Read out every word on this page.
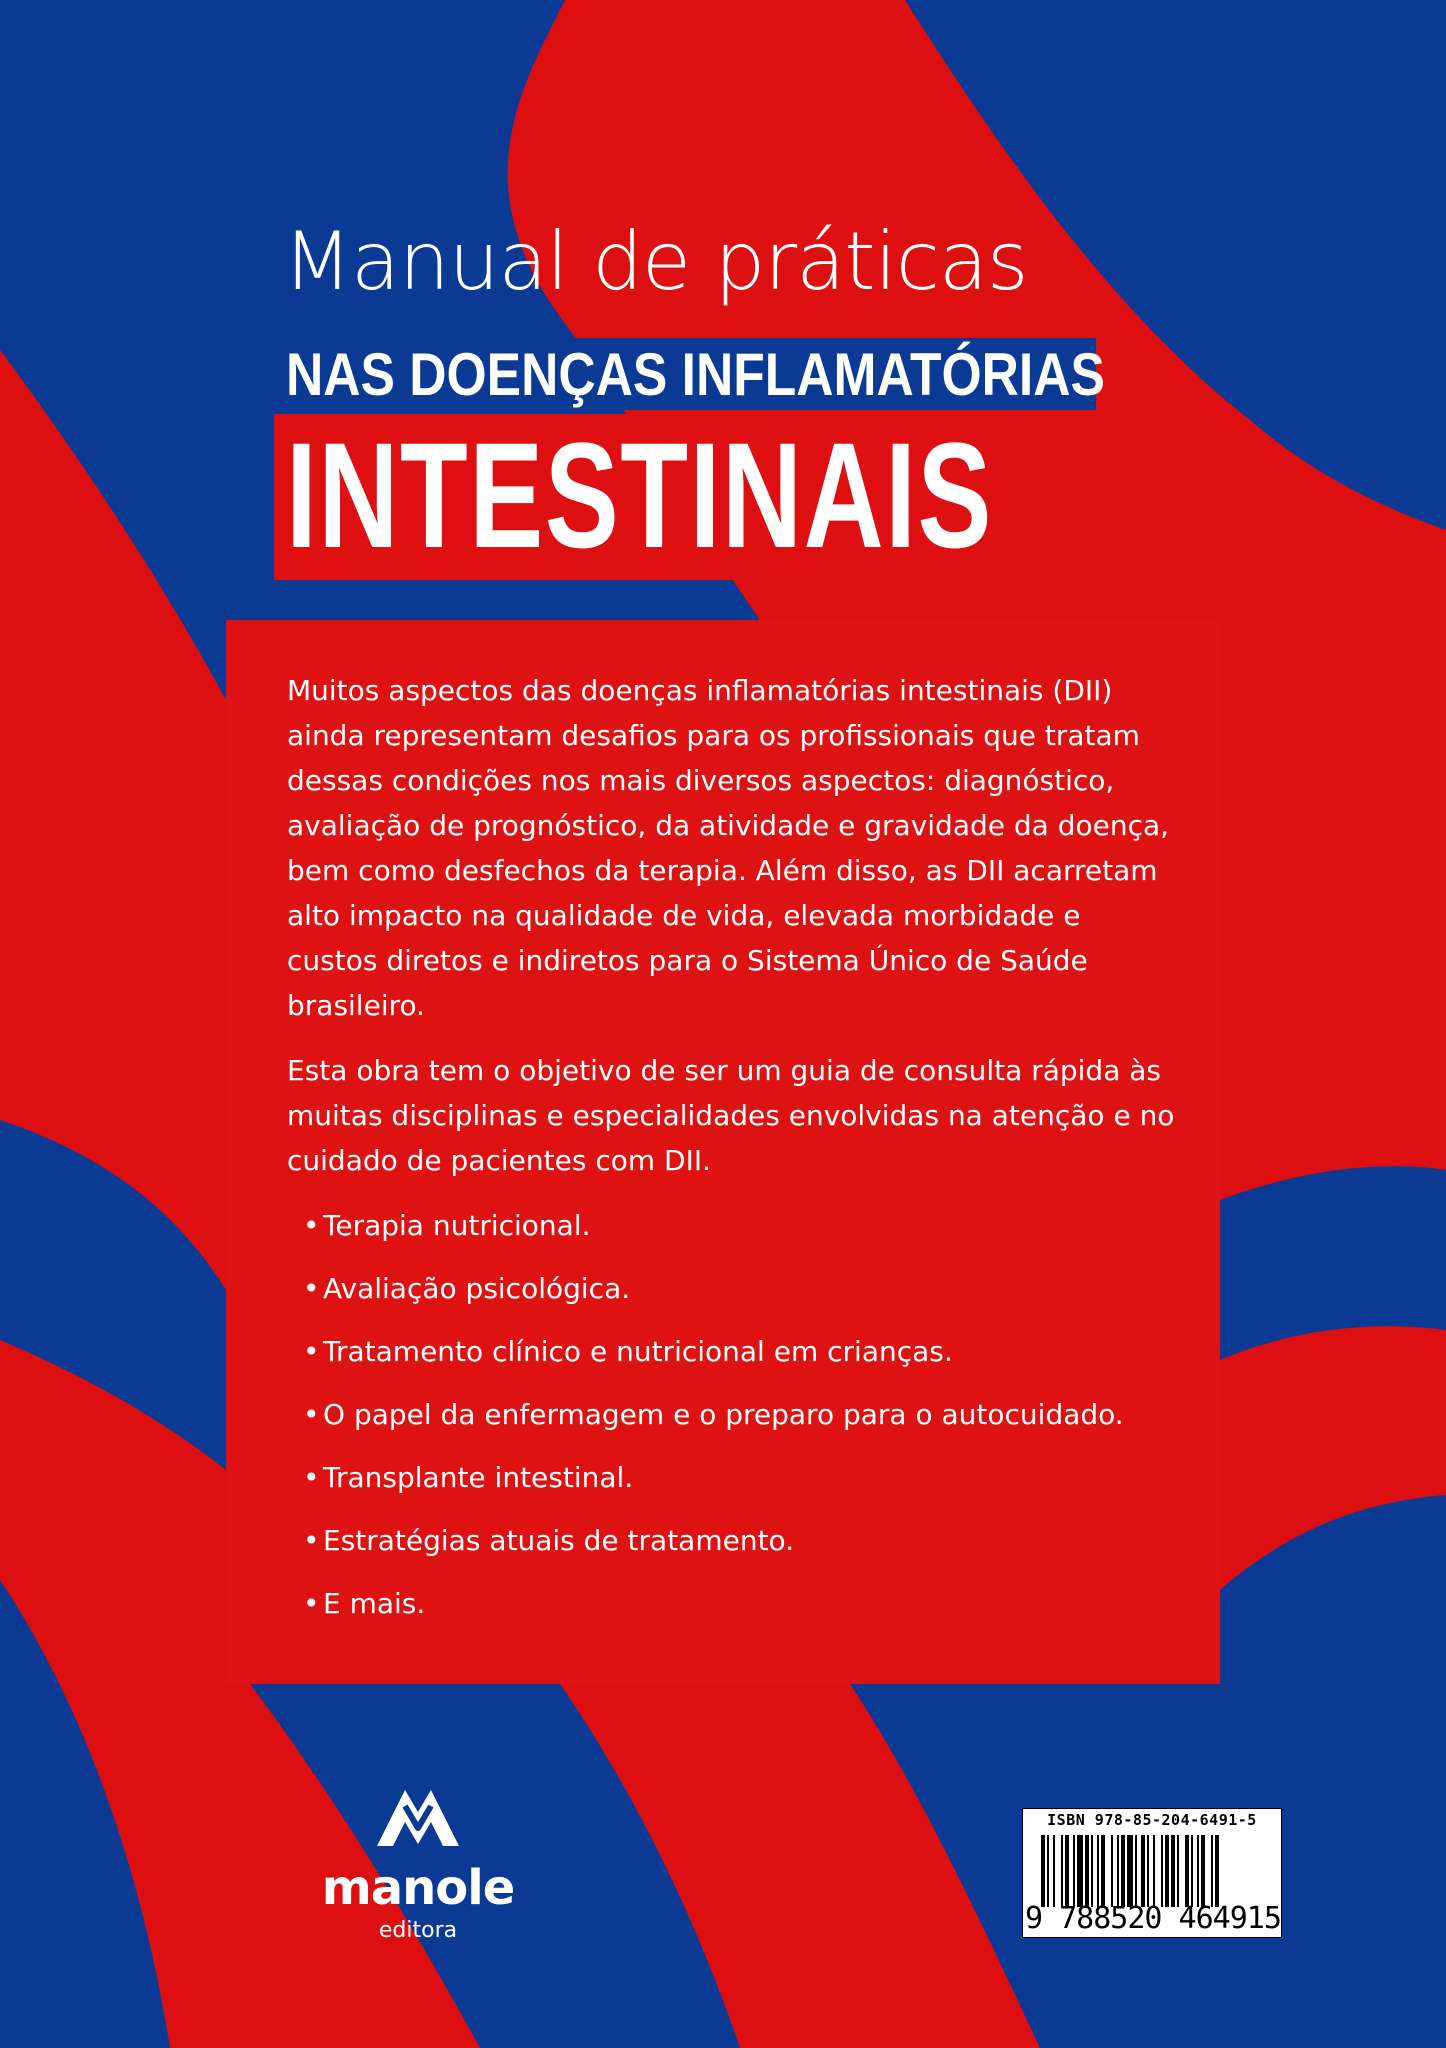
Manual de práticas
NAS DOENÇAS INFLAMATÓRIAS
INTESTINAIS

Muitos aspectos das doenças inflamatórias intestinais (DII) ainda representam desafios para os profissionais que tratam dessas condições nos mais diversos aspectos: diagnóstico, avaliação de prognóstico, da atividade e gravidade da doença, bem como desfechos da terapia. Além disso, as DII acarretam alto impacto na qualidade de vida, elevada morbidade e custos diretos e indiretos para o Sistema Único de Saúde brasileiro.

Esta obra tem o objetivo de ser um guia de consulta rápida às muitas disciplinas e especialidades envolvidas na atenção e no cuidado de pacientes com DII.

• Terapia nutricional.
• Avaliação psicológica.
• Tratamento clínico e nutricional em crianças.
• O papel da enfermagem e o preparo para o autocuidado.
• Transplante intestinal.
• Estratégias atuais de tratamento.
• E mais.
manole
editora
ISBN 978-85-204-6491-5
9 788520 464915
